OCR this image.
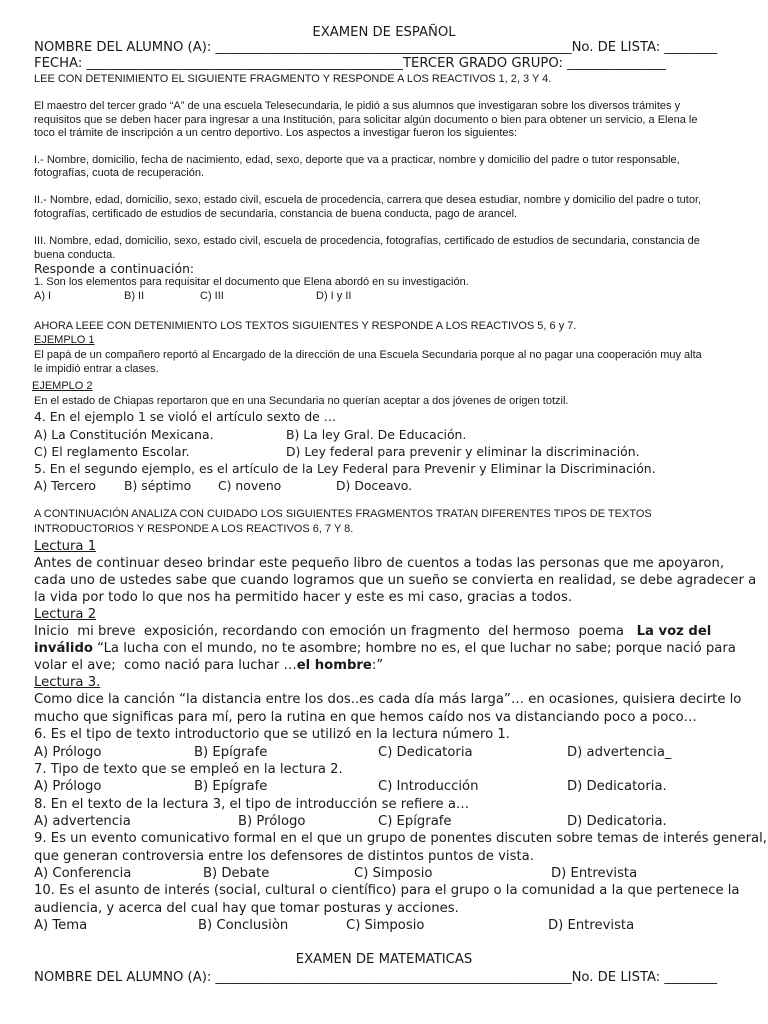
EXAMEN DE ESPAÑOL
NOMBRE DEL ALUMNO (A): ______________________________________________________No. DE LISTA: ________
FECHA: ________________________________________________TERCER GRADO GRUPO: _______________
LEE CON DETENIMIENTO EL SIGUIENTE FRAGMENTO Y RESPONDE A LOS REACTIVOS 1, 2, 3 Y 4.
El maestro del tercer grado “A” de una escuela Telesecundaria, le pidió a sus alumnos que investigaran sobre los diversos trámites y
requisitos que se deben hacer para ingresar a una Institución, para solicitar algún documento o bien para obtener un servicio, a Elena le
toco el trámite de inscripción a un centro deportivo. Los aspectos a investigar fueron los siguientes:
I.- Nombre, domicilio, fecha de nacimiento, edad, sexo, deporte que va a practicar, nombre y domicilio del padre o tutor responsable,
fotografías, cuota de recuperación.
II.- Nombre, edad, domicilio, sexo, estado civil, escuela de procedencia, carrera que desea estudiar, nombre y domicilio del padre o tutor,
fotografías, certificado de estudios de secundaria, constancia de buena conducta, pago de arancel.
III. Nombre, edad, domicilio, sexo, estado civil, escuela de procedencia, fotografías, certificado de estudios de secundaria, constancia de
buena conducta.
Responde a continuación:
1. Son los elementos para requisitar el documento que Elena abordó en su investigación.
A) I	B) II	C) III	D) I y II
AHORA LEEE CON DETENIMIENTO LOS TEXTOS SIGUIENTES Y RESPONDE A LOS REACTIVOS 5, 6 y 7.
EJEMPLO 1
El papá de un compañero reportó al Encargado de la dirección de una Escuela Secundaria porque al no pagar una cooperación muy alta
le impidió entrar a clases.
EJEMPLO 2
En el estado de Chiapas reportaron que en una Secundaria no querían aceptar a dos jóvenes de origen totzil.
4. En el ejemplo 1 se violó el artículo sexto de …
A) La Constitución Mexicana.	B) La ley Gral. De Educación.
C) El reglamento Escolar.	D) Ley federal para prevenir y eliminar la discriminación.
5. En el segundo ejemplo, es el artículo de la Ley Federal para Prevenir y Eliminar la Discriminación.
A) Tercero B) séptimo C) noveno	D) Doceavo.
A CONTINUACIÓN ANALIZA CON CUIDADO LOS SIGUIENTES FRAGMENTOS TRATAN DIFERENTES TIPOS DE TEXTOS
INTRODUCTORIOS Y RESPONDE A LOS REACTIVOS 6, 7 Y 8.
Lectura 1
Antes de continuar deseo brindar este pequeño libro de cuentos a todas las personas que me apoyaron,
cada uno de ustedes sabe que cuando logramos que un sueño se convierta en realidad, se debe agradecer a
la vida por todo lo que nos ha permitido hacer y este es mi caso, gracias a todos.
Lectura 2
Inicio  mi breve  exposición, recordando con emoción un fragmento  del hermoso  poema La voz del
inválido “La lucha con el mundo, no te asombre; hombre no es, el que luchar no sabe; porque nació para
volar el ave;  como nació para luchar … el hombre :”
Lectura 3.
Como dice la canción “la distancia entre los dos..es cada día más larga”… en ocasiones, quisiera decirte lo
mucho que significas para mí, pero la rutina en que hemos caído nos va distanciando poco a poco…
6. Es el tipo de texto introductorio que se utilizó en la lectura número 1.
A) Prólogo	B) Epígrafe	C) Dedicatoria	D) advertencia_
7. Tipo de texto que se empleó en la lectura 2.
A) Prólogo	B) Epígrafe	C) Introducción	D) Dedicatoria.
8. En el texto de la lectura 3, el tipo de introducción se refiere a…
A) advertencia	B) Prólogo	C) Epígrafe	D) Dedicatoria.
9. Es un evento comunicativo formal en el que un grupo de ponentes discuten sobre temas de interés general,
que generan controversia entre los defensores de distintos puntos de vista.
A) Conferencia	B) Debate	C) Simposio	D) Entrevista
10. Es el asunto de interés (social, cultural o científico) para el grupo o la comunidad a la que pertenece la
audiencia, y acerca del cual hay que tomar posturas y acciones.
A) Tema	B) Conclusiòn	C) Simposio	D) Entrevista
EXAMEN DE MATEMATICAS
NOMBRE DEL ALUMNO (A): ______________________________________________________No. DE LISTA: ________
